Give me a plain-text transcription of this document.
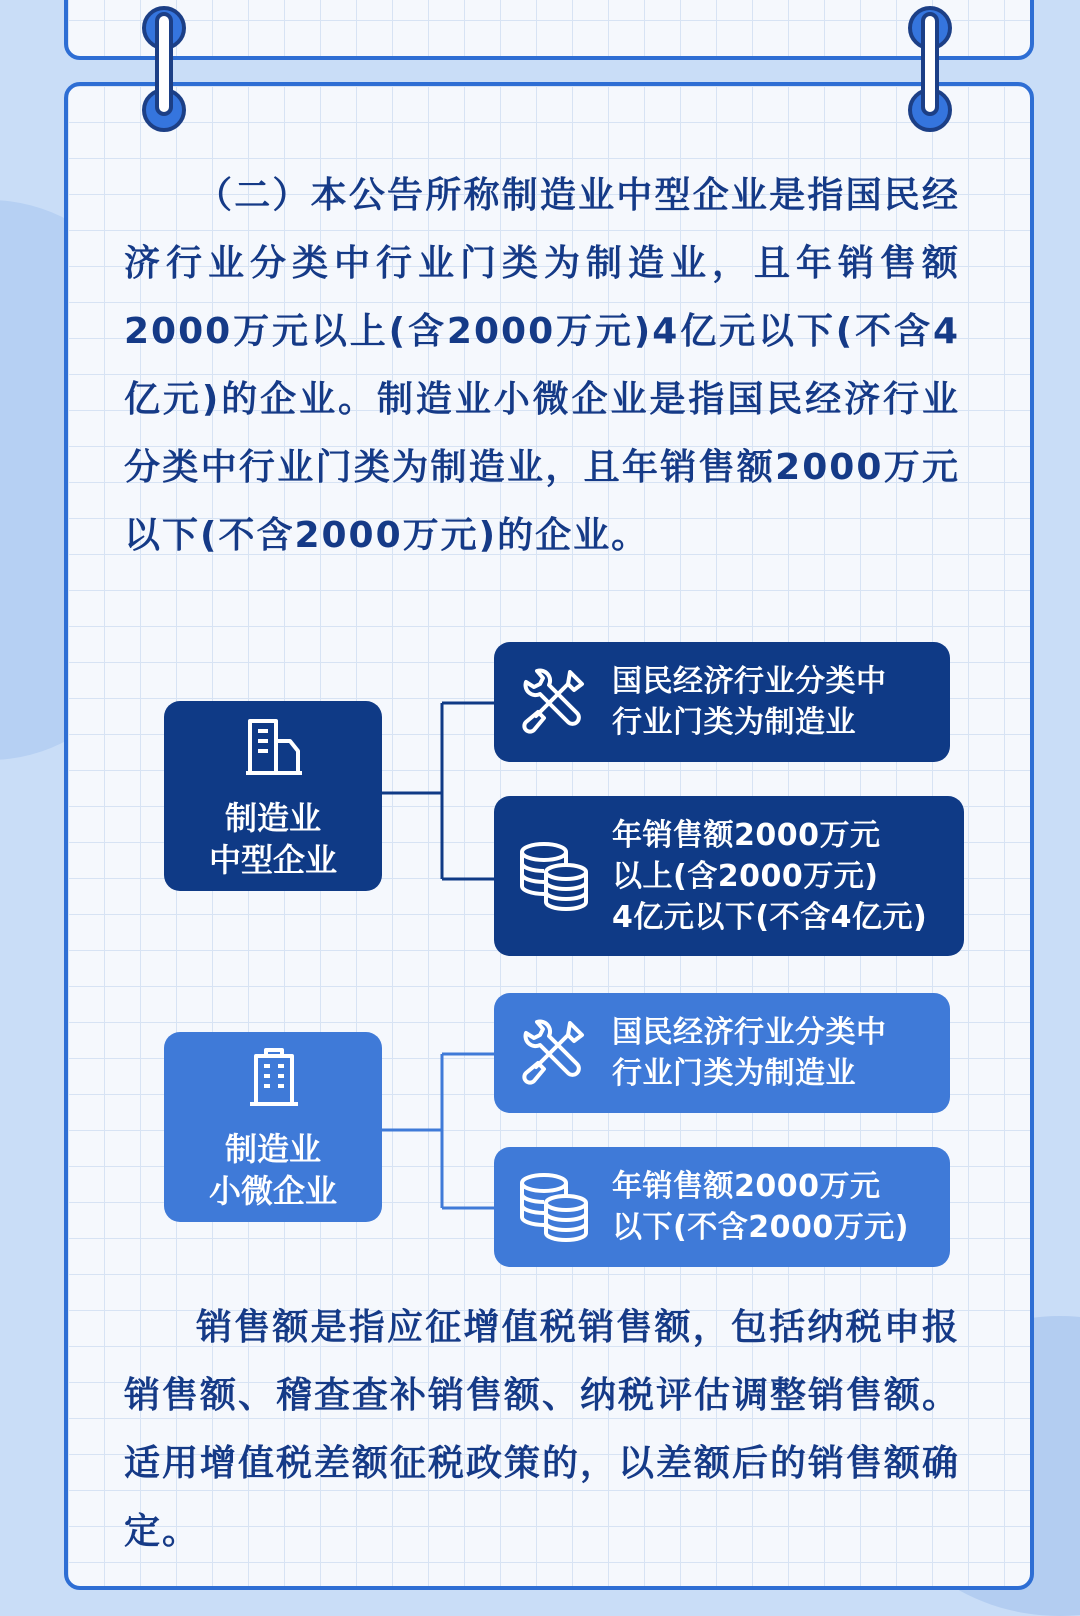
（二）本公告所称制造业中型企业是指国民经济行业分类中行业门类为制造业，且年销售额2000万元以上(含2000万元)4亿元以下(不含4亿元)的企业。制造业小微企业是指国民经济行业分类中行业门类为制造业，且年销售额2000万元以下(不含2000万元)的企业。

制造业
中型企业
国民经济行业分类中
行业门类为制造业
年销售额2000万元
以上(含2000万元)
4亿元以下(不含4亿元)
制造业
小微企业
国民经济行业分类中
行业门类为制造业
年销售额2000万元
以下(不含2000万元)

销售额是指应征增值税销售额，包括纳税申报销售额、稽查查补销售额、纳税评估调整销售额。适用增值税差额征税政策的，以差额后的销售额确定。
